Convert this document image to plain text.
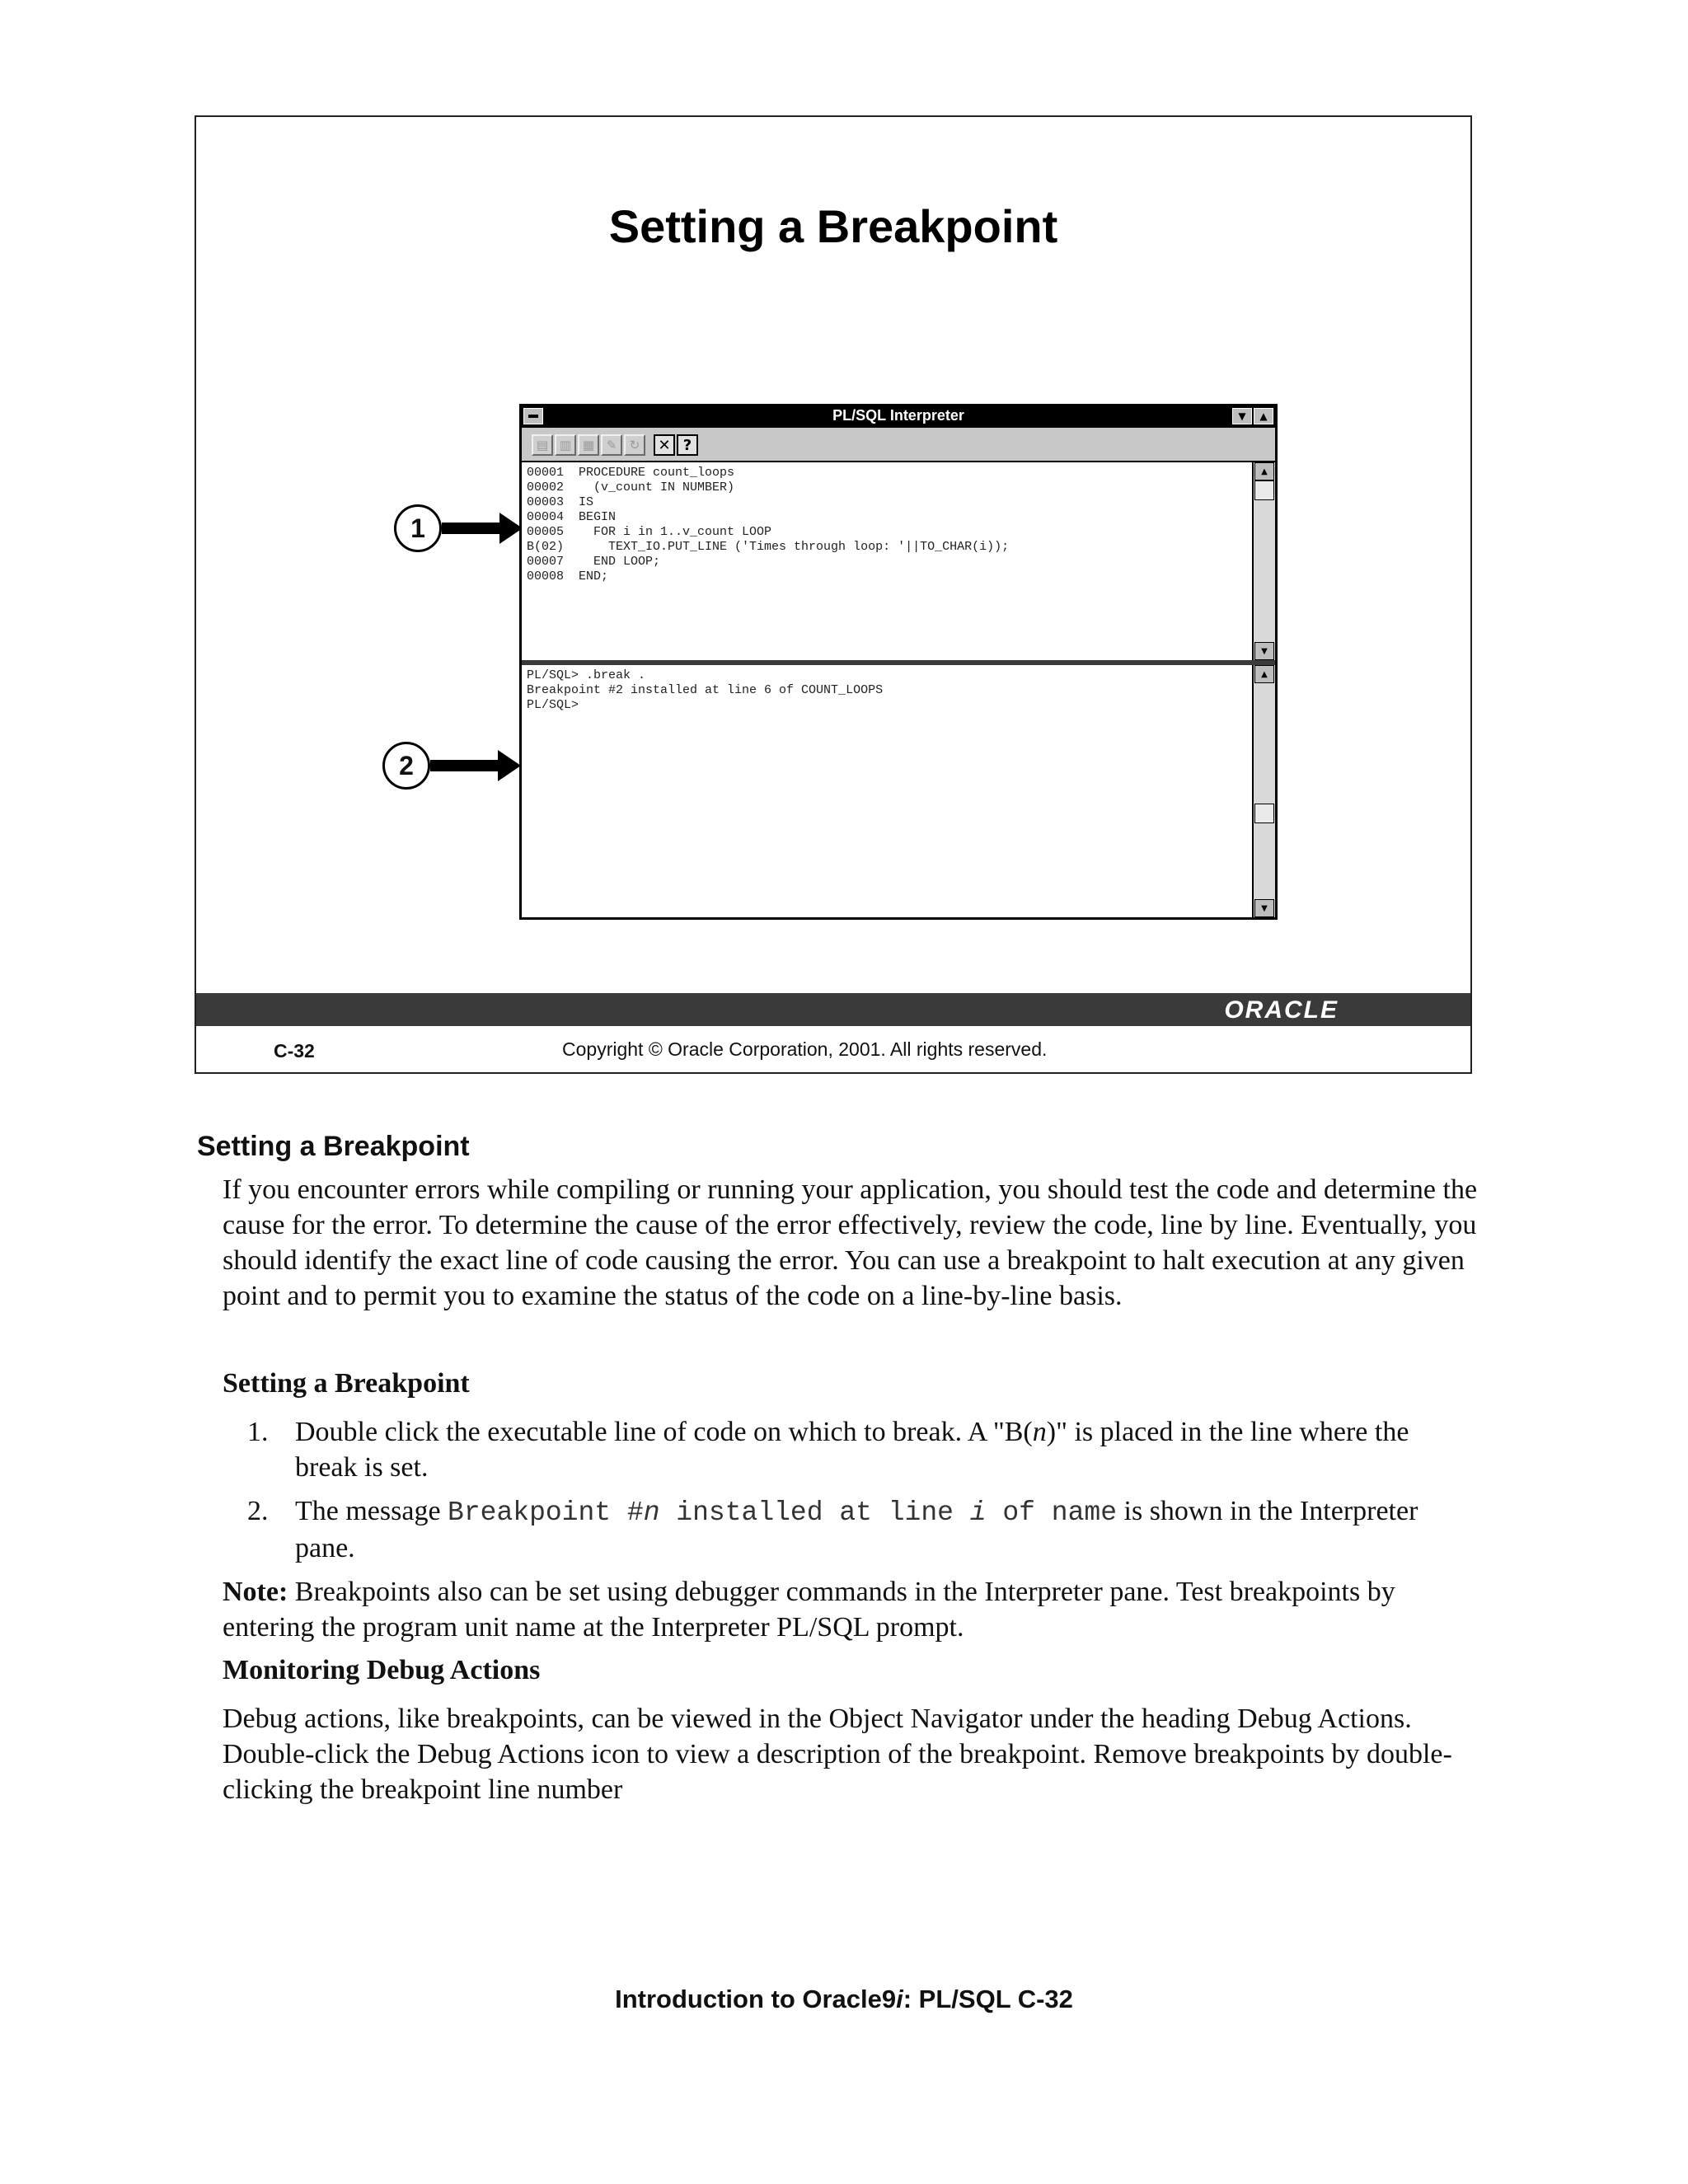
Setting a Breakpoint
ORACLE
C-32	Copyright © Oracle Corporation, 2001. All rights reserved.
1
2
PL/SQL Interpreter	▼	▲
▤ ▥ ▦ ✎	↻	✕ ?
00001  PROCEDURE count_loops
00002    (v_count IN NUMBER)
00003  IS
00004  BEGIN
00005    FOR i in 1..v_count LOOP
B(02)      TEXT_IO.PUT_LINE ('Times through loop: '||TO_CHAR(i));
00007    END LOOP;
00008  END;
▲
▼
PL/SQL> .break .
Breakpoint #2 installed at line 6 of COUNT_LOOPS
PL/SQL>
▲
▼
Setting a Breakpoint
If you encounter errors while compiling or running your application, you should test the code and determine the cause for the error. To determine the cause of the error effectively, review the code, line by line. Eventually, you should identify the exact line of code causing the error. You can use a breakpoint to halt execution at any given point and to permit you to examine the status of the code on a line-by-line basis.
Setting a Breakpoint
1. Double click the executable line of code on which to break. A "B(n)" is placed in the line where the break is set.
2. The message Breakpoint #n installed at line i of name is shown in the Interpreter pane.
Note: Breakpoints also can be set using debugger commands in the Interpreter pane. Test breakpoints by entering the program unit name at the Interpreter PL/SQL prompt.
Monitoring Debug Actions
Debug actions, like breakpoints, can be viewed in the Object Navigator under the heading Debug Actions. Double-click the Debug Actions icon to view a description of the breakpoint. Remove breakpoints by double-clicking the breakpoint line number
Introduction to Oracle9i: PL/SQL C-32
